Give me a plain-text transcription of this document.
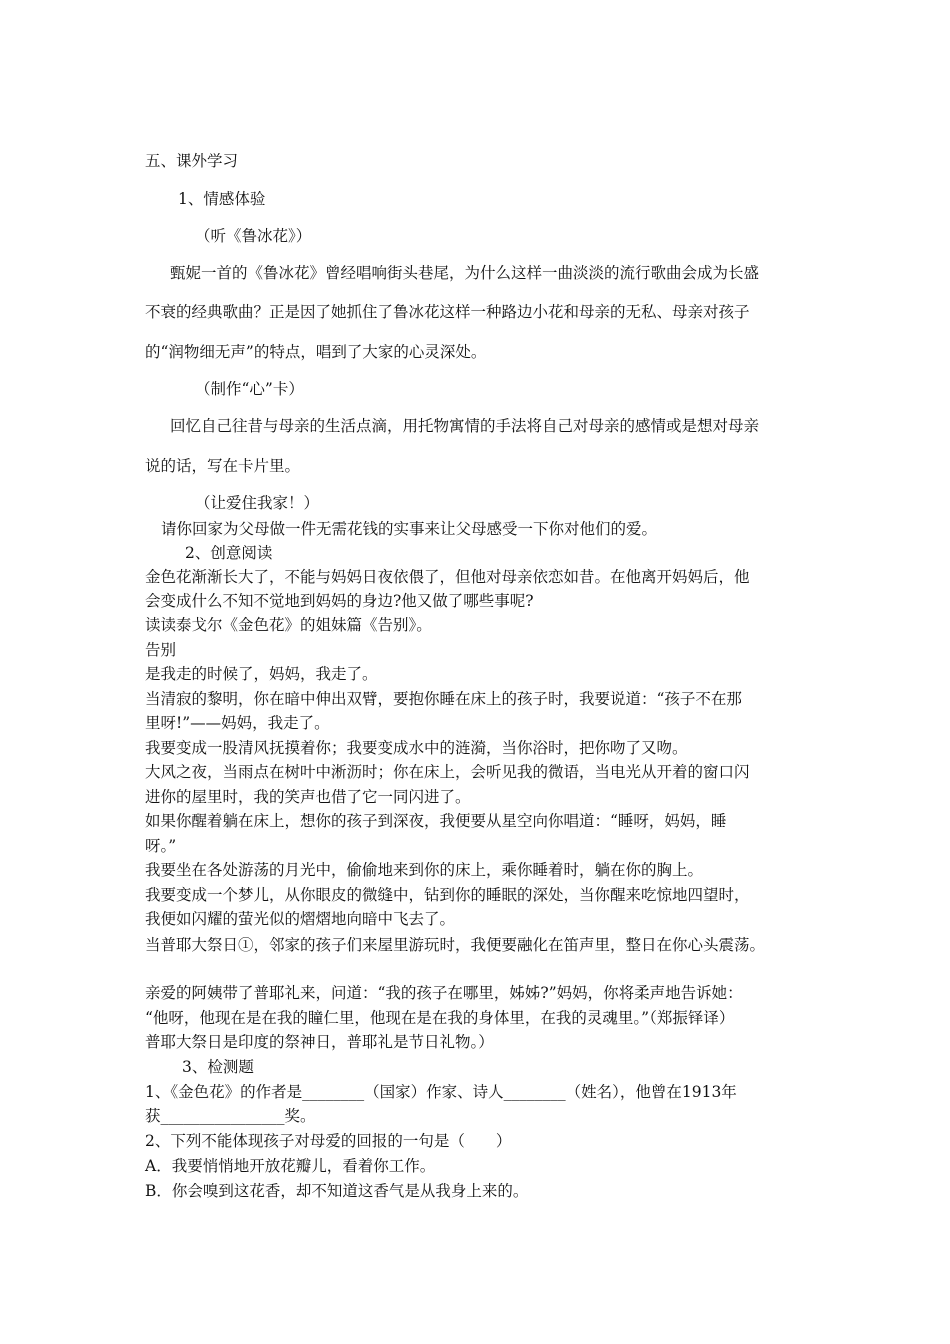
五、课外学习
1、情感体验
（听《鲁冰花》）
甄妮一首的《鲁冰花》曾经唱响街头巷尾，为什么这样一曲淡淡的流行歌曲会成为长盛
不衰的经典歌曲？正是因了她抓住了鲁冰花这样一种路边小花和母亲的无私、母亲对孩子
的“润物细无声”的特点，唱到了大家的心灵深处。
（制作“心”卡）
回忆自己往昔与母亲的生活点滴，用托物寓情的手法将自己对母亲的感情或是想对母亲
说的话，写在卡片里。
（让爱住我家！）
请你回家为父母做一件无需花钱的实事来让父母感受一下你对他们的爱。
2、创意阅读
金色花渐渐长大了，不能与妈妈日夜依偎了，但他对母亲依恋如昔。在他离开妈妈后，他
会变成什么不知不觉地到妈妈的身边?他又做了哪些事呢?
读读泰戈尔《金色花》的姐妹篇《告别》。
告别
是我走的时候了，妈妈，我走了。
当清寂的黎明，你在暗中伸出双臂，要抱你睡在床上的孩子时，我要说道：“孩子不在那
里呀!”——妈妈，我走了。
我要变成一股清风抚摸着你；我要变成水中的涟漪，当你浴时，把你吻了又吻。
大风之夜，当雨点在树叶中淅沥时；你在床上，会听见我的微语，当电光从开着的窗口闪
进你的屋里时，我的笑声也借了它一同闪进了。
如果你醒着躺在床上，想你的孩子到深夜，我便要从星空向你唱道：“睡呀，妈妈，睡
呀。”
我要坐在各处游荡的月光中，偷偷地来到你的床上，乘你睡着时，躺在你的胸上。
我要变成一个梦儿，从你眼皮的微缝中，钻到你的睡眠的深处，当你醒来吃惊地四望时，
我便如闪耀的萤光似的熠熠地向暗中飞去了。
当普耶大祭日①，邻家的孩子们来屋里游玩时，我便要融化在笛声里，整日在你心头震荡。
亲爱的阿姨带了普耶礼来，问道：“我的孩子在哪里，姊姊?”妈妈，你将柔声地告诉她：
“他呀，他现在是在我的瞳仁里，他现在是在我的身体里，在我的灵魂里。”（郑振铎译）
普耶大祭日是印度的祭神日，普耶礼是节日礼物。）
3、检测题
1、《金色花》的作者是________（国家）作家、诗人________（姓名），他曾在1913年
获________________奖。
2、下列不能体现孩子对母爱的回报的一句是（　　）
A．我要悄悄地开放花瓣儿，看着你工作。
B．你会嗅到这花香，却不知道这香气是从我身上来的。
